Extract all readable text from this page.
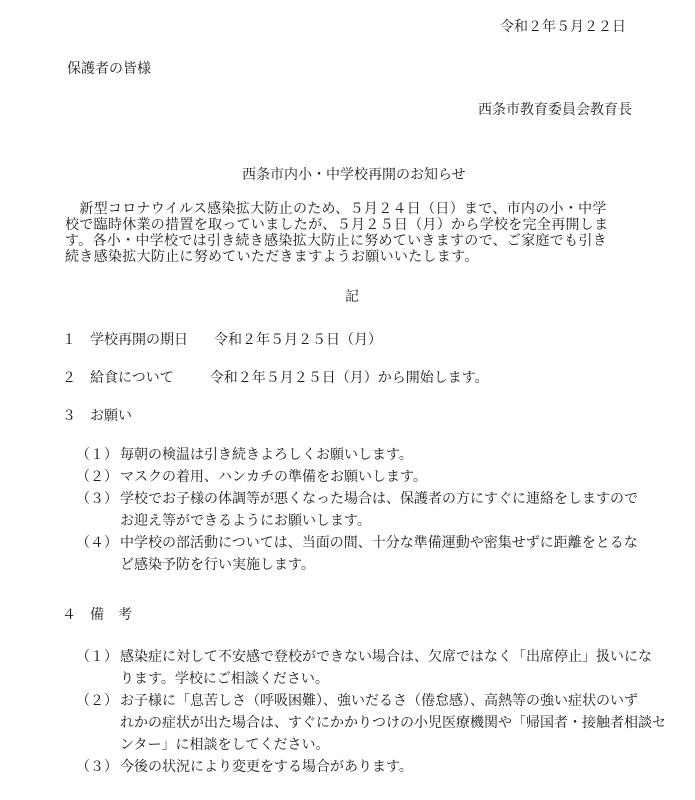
令和２年５月２２日
保護者の皆様
西条市教育委員会教育長
西条市内小・中学校再開のお知らせ
　新型コロナウイルス感染拡大防止のため、５月２４日（日）まで、市内の小・中学
校で臨時休業の措置を取っていましたが、５月２５日（月）から学校を完全再開しま
す。各小・中学校では引き続き感染拡大防止に努めていきますので、ご家庭でも引き
続き感染拡大防止に努めていただきますようお願いいたします。
記
１ 学校再開の期日 令和２年５月２５日（月）
２ 給食について	令和２年５月２５日（月）から開始します。
３ お願い
（１） 毎朝の検温は引き続きよろしくお願いします。
（２） マスクの着用、ハンカチの準備をお願いします。
（３） 学校でお子様の体調等が悪くなった場合は、保護者の方にすぐに連絡をしますので
お迎え等ができるようにお願いします。
（４） 中学校の部活動については、当面の間、十分な準備運動や密集せずに距離をとるな
ど感染予防を行い実施します。
４ 備　考
（１） 感染症に対して不安感で登校ができない場合は、欠席ではなく「出席停止」扱いにな
ります。学校にご相談ください。
（２） お子様に「息苦しさ（呼吸困難）、強いだるさ（倦怠感）、高熱等の強い症状のいず
れかの症状が出た場合は、すぐにかかりつけの小児医療機関や「帰国者・接触者相談セ
ンター」に相談をしてください。
（３） 今後の状況により変更をする場合があります。
